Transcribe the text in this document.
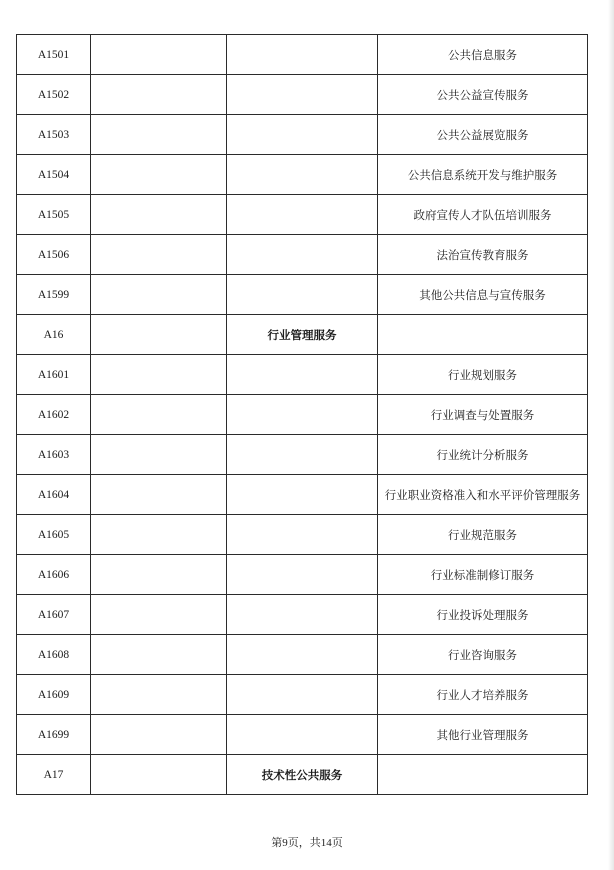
A1501			公共信息服务
A1502			公共公益宣传服务
A1503			公共公益展览服务
A1504			公共信息系统开发与维护服务
A1505			政府宣传人才队伍培训服务
A1506			法治宣传教育服务
A1599			其他公共信息与宣传服务
A16		行业管理服务	
A1601			行业规划服务
A1602			行业调查与处置服务
A1603			行业统计分析服务
A1604			行业职业资格准入和水平评价管理服务
A1605			行业规范服务
A1606			行业标准制修订服务
A1607			行业投诉处理服务
A1608			行业咨询服务
A1609			行业人才培养服务
A1699			其他行业管理服务
A17		技术性公共服务	
第9页，共14页
